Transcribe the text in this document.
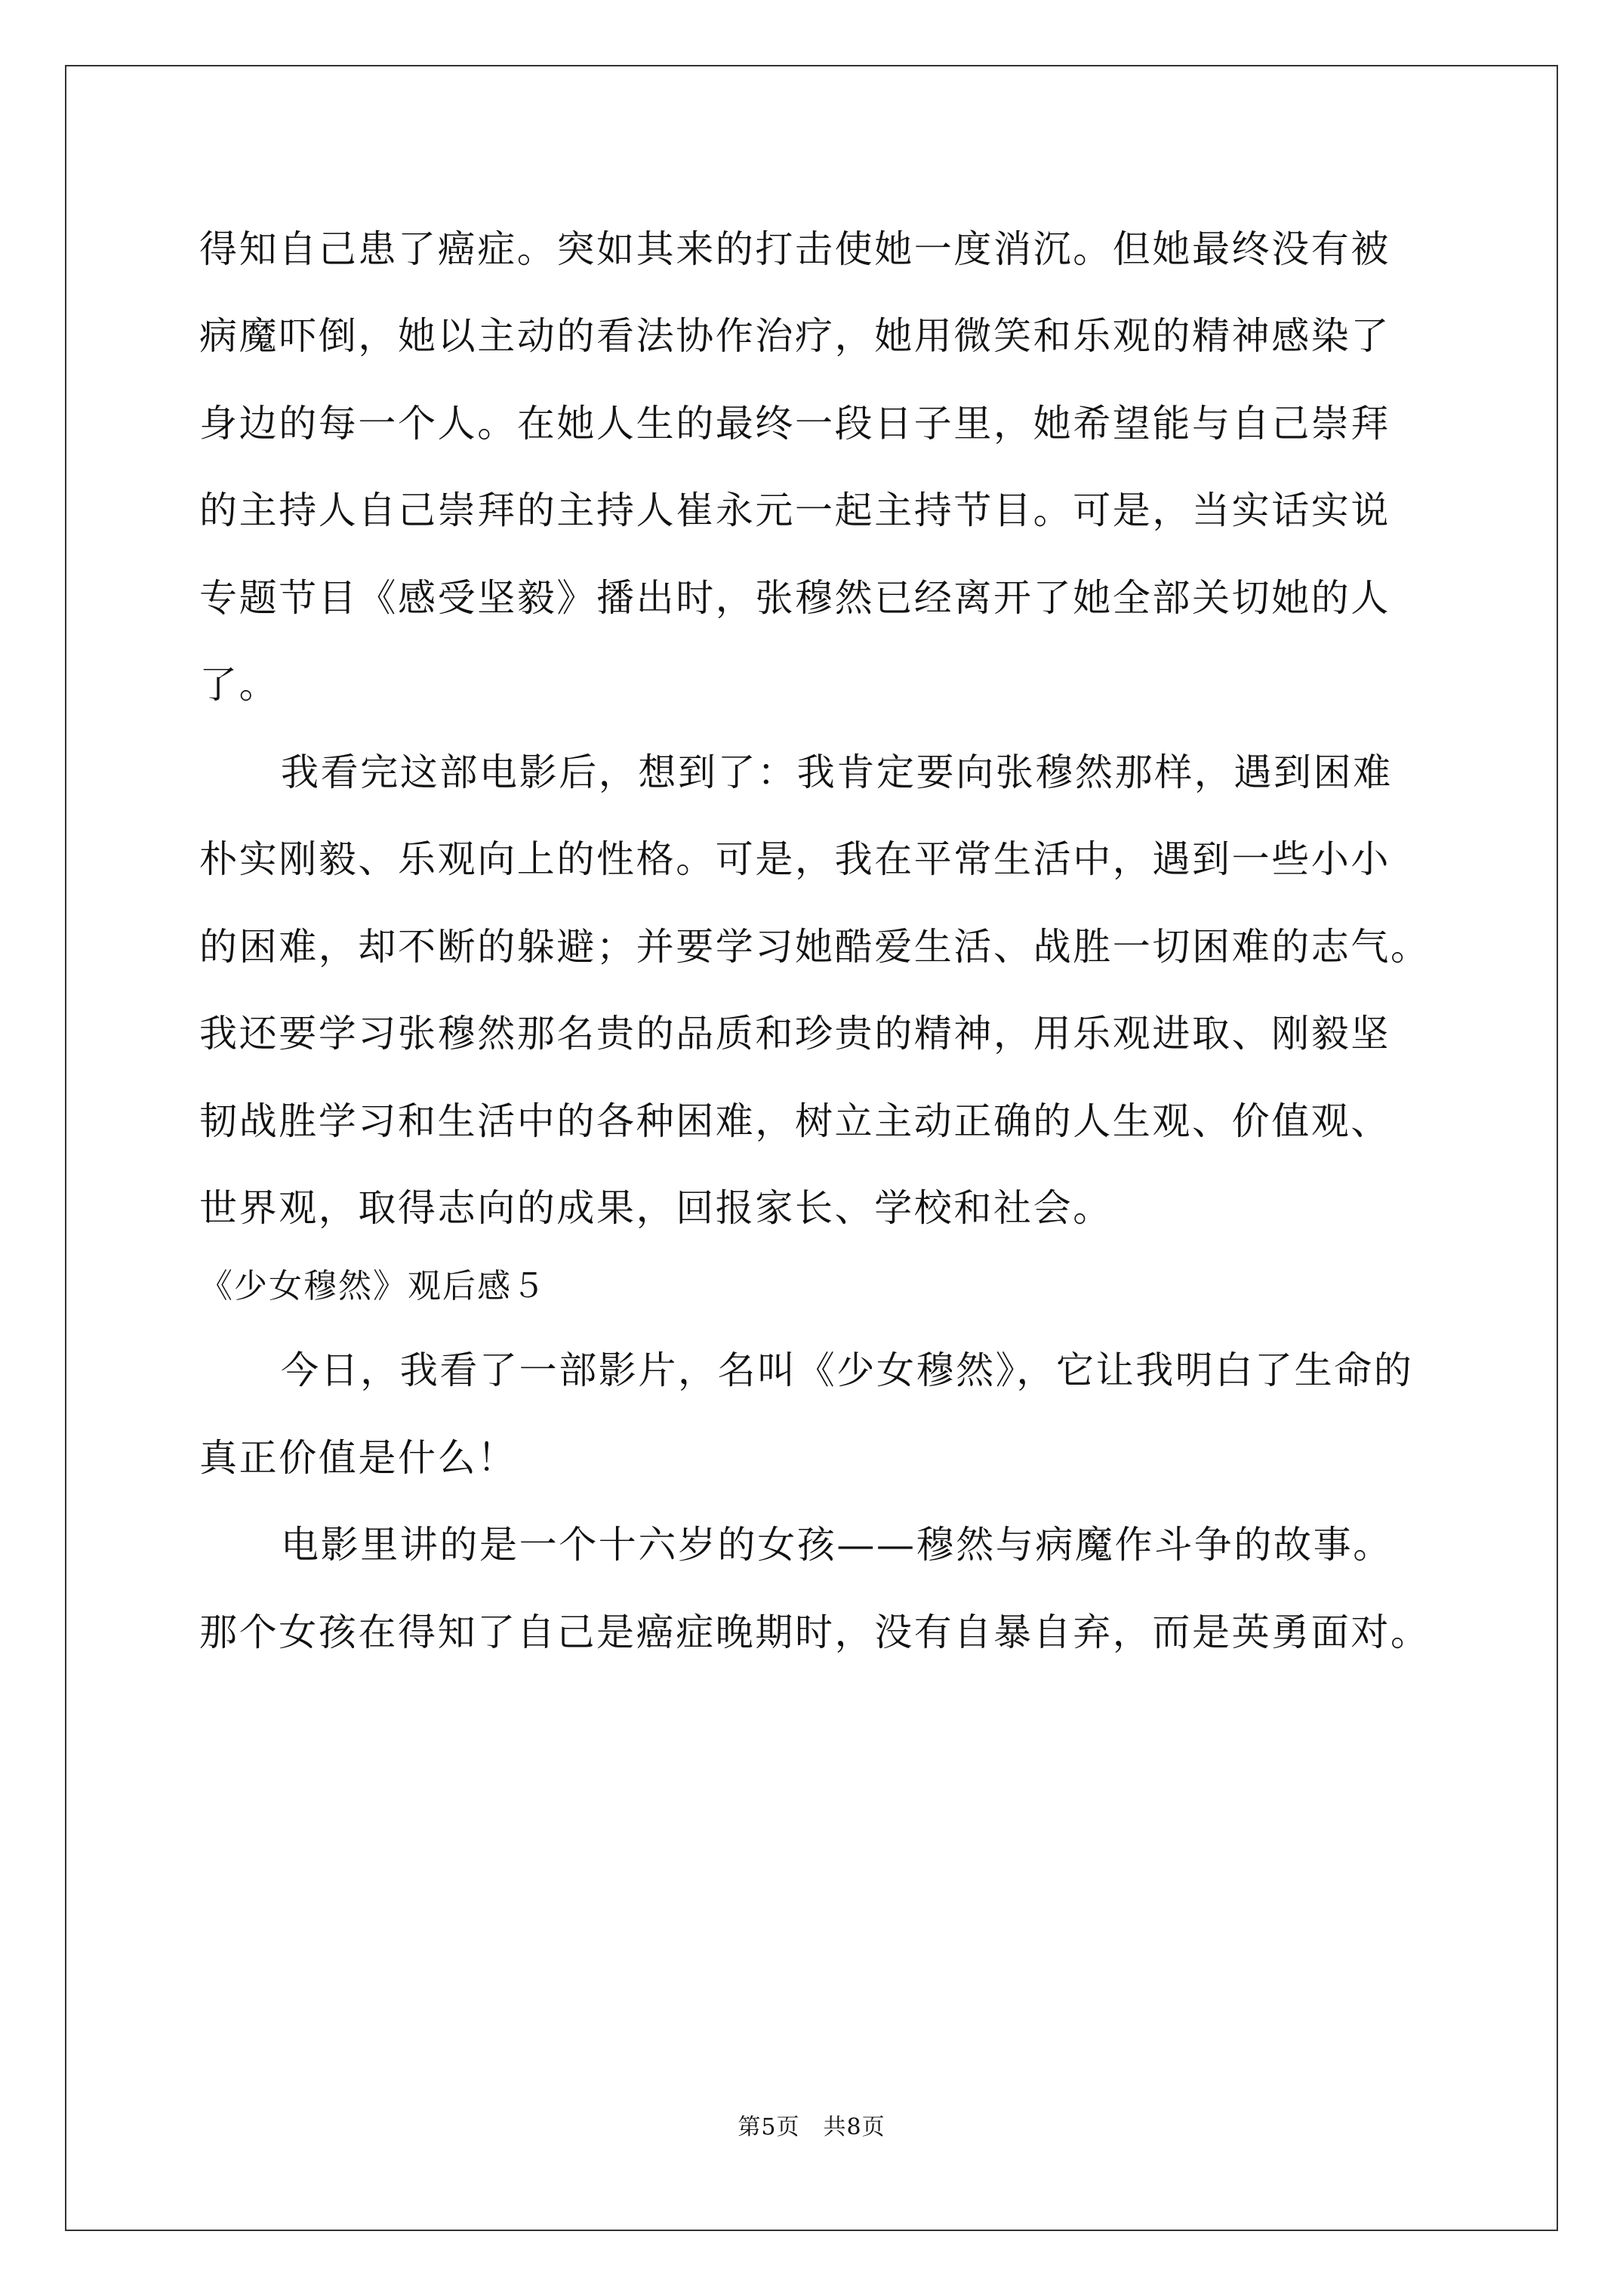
得知自己患了癌症。突如其来的打击使她一度消沉。但她最终没有被
病魔吓倒，她以主动的看法协作治疗，她用微笑和乐观的精神感染了
身边的每一个人。在她人生的最终一段日子里，她希望能与自己崇拜
的主持人自己崇拜的主持人崔永元一起主持节目。可是，当实话实说
专题节目《感受坚毅》播出时，张穆然已经离开了她全部关切她的人
了。
我看完这部电影后，想到了：我肯定要向张穆然那样，遇到困难
朴实刚毅、乐观向上的性格。可是，我在平常生活中，遇到一些小小
的困难，却不断的躲避；并要学习她酷爱生活、战胜一切困难的志气。
我还要学习张穆然那名贵的品质和珍贵的精神，用乐观进取、刚毅坚
韧战胜学习和生活中的各种困难，树立主动正确的人生观、价值观、
世界观，取得志向的成果，回报家长、学校和社会。
《少女穆然》观后感５
今日，我看了一部影片，名叫《少女穆然》，它让我明白了生命的
真正价值是什么！
电影里讲的是一个十六岁的女孩——穆然与病魔作斗争的故事。
那个女孩在得知了自己是癌症晚期时，没有自暴自弃，而是英勇面对。
第5页　共8页
